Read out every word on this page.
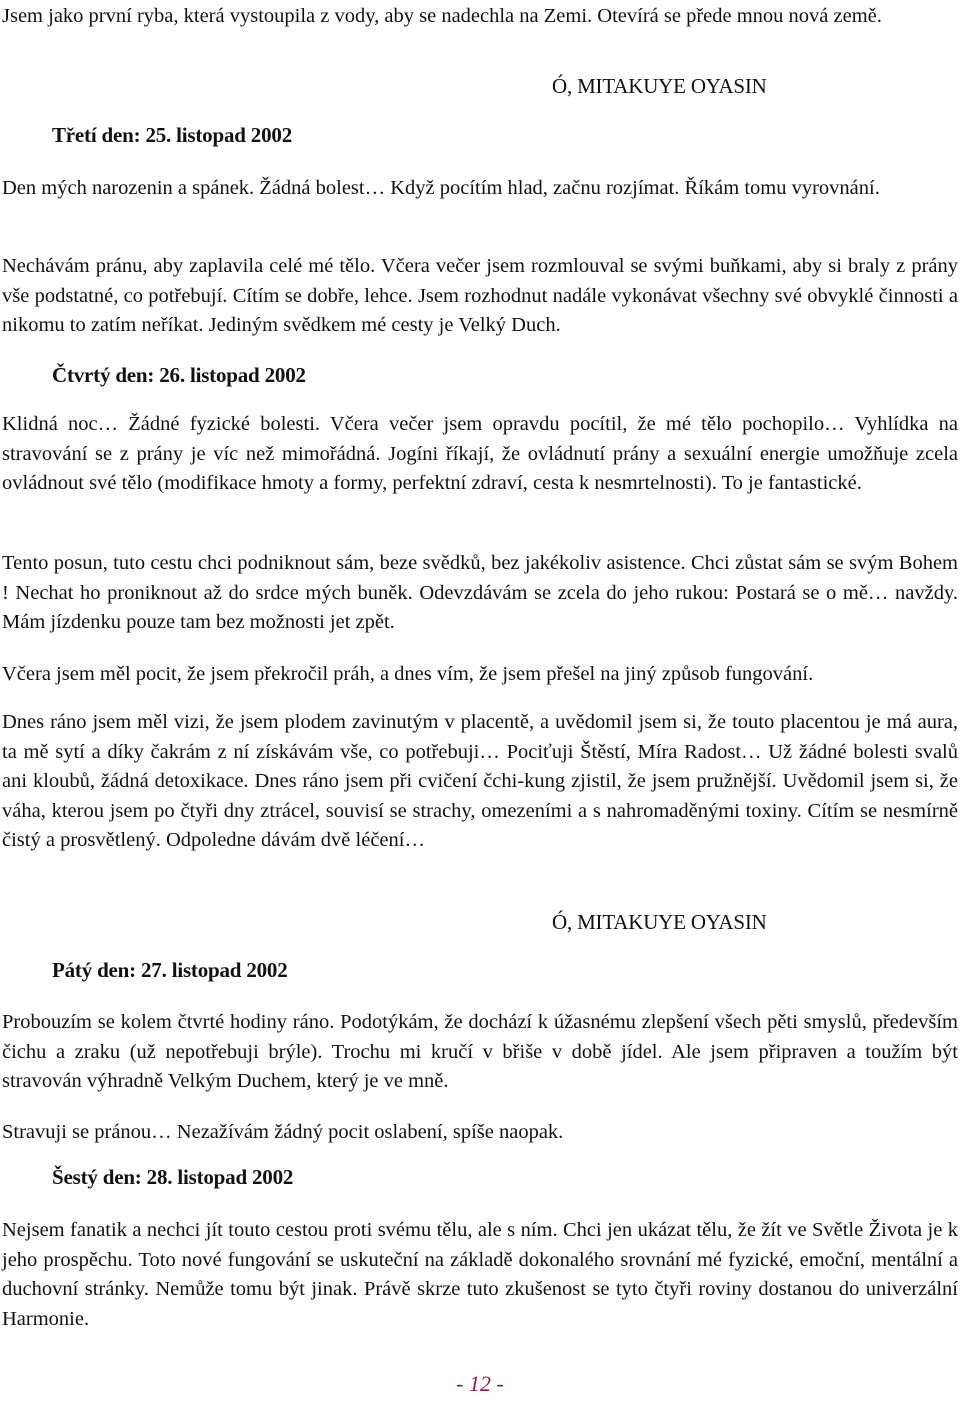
Jsem jako první ryba, která vystoupila z vody, aby se nadechla na Zemi. Otevírá se přede mnou nová země.

Ó, MITAKUYE OYASIN

Třetí den: 25. listopad 2002

Den mých narozenin a spánek. Žádná bolest… Když pocítím hlad, začnu rozjímat. Říkám tomu vyrovnání.

Nechávám pránu, aby zaplavila celé mé tělo. Včera večer jsem rozmlouval se svými buňkami, aby si braly z prány vše podstatné, co potřebují. Cítím se dobře, lehce. Jsem rozhodnut nadále vykonávat všechny své obvyklé činnosti a nikomu to zatím neříkat. Jediným svědkem mé cesty je Velký Duch.

Čtvrtý den: 26. listopad 2002

Klidná noc… Žádné fyzické bolesti. Včera večer jsem opravdu pocítil, že mé tělo pochopilo… Vyhlídka na stravování se z prány je víc než mimořádná. Jogíni říkají, že ovládnutí prány a sexuální energie umožňuje zcela ovládnout své tělo (modifikace hmoty a formy, perfektní zdraví, cesta k nesmrtelnosti). To je fantastické.

Tento posun, tuto cestu chci podniknout sám, beze svědků, bez jakékoliv asistence. Chci zůstat sám se svým Bohem ! Nechat ho proniknout až do srdce mých buněk. Odevzdávám se zcela do jeho rukou: Postará se o mě… navždy. Mám jízdenku pouze tam bez možnosti jet zpět.

Včera jsem měl pocit, že jsem překročil práh, a dnes vím, že jsem přešel na jiný způsob fungování.

Dnes ráno jsem měl vizi, že jsem plodem zavinutým v placentě, a uvědomil jsem si, že touto placentou je má aura, ta mě sytí a díky čakrám z ní získávám vše, co potřebuji… Pociťuji Štěstí, Míra Radost… Už žádné bolesti svalů ani kloubů, žádná detoxikace. Dnes ráno jsem při cvičení čchi-kung zjistil, že jsem pružnější. Uvědomil jsem si, že váha, kterou jsem po čtyři dny ztrácel, souvisí se strachy, omezeními a s nahromaděnými toxiny. Cítím se nesmírně čistý a prosvětlený. Odpoledne dávám dvě léčení…

Ó, MITAKUYE OYASIN

Pátý den: 27. listopad 2002

Probouzím se kolem čtvrté hodiny ráno. Podotýkám, že dochází k úžasnému zlepšení všech pěti smyslů, především čichu a zraku (už nepotřebuji brýle). Trochu mi kručí v břiše v době jídel. Ale jsem připraven a toužím být stravován výhradně Velkým Duchem, který je ve mně.

Stravuji se pránou… Nezažívám žádný pocit oslabení, spíše naopak.

Šestý den: 28. listopad 2002

Nejsem fanatik a nechci jít touto cestou proti svému tělu, ale s ním. Chci jen ukázat tělu, že žít ve Světle Života je k jeho prospěchu. Toto nové fungování se uskuteční na základě dokonalého srovnání mé fyzické, emoční, mentální a duchovní stránky. Nemůže tomu být jinak. Právě skrze tuto zkušenost se tyto čtyři roviny dostanou do univerzální Harmonie.

- 12 -
